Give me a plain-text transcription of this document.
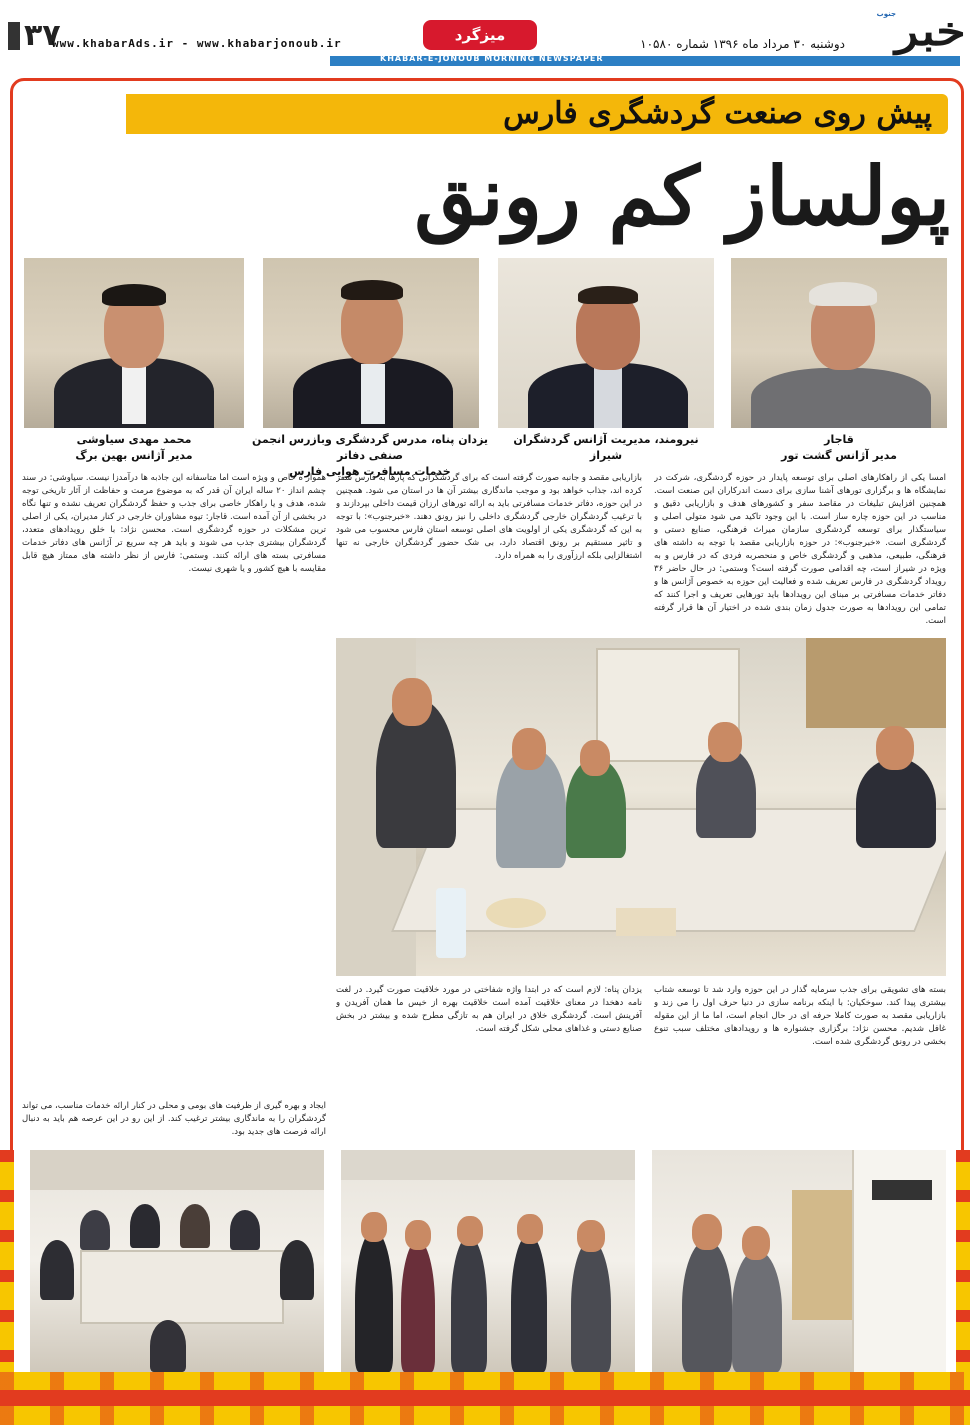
۳۷
www.khabarAds.ir - www.khabarjonoub.ir	میزگرد	دوشنبه ۳۰ مرداد ماه ۱۳۹۶ شماره ۱۰۵۸۰ خبر
جنوب
KHABAR-E-JONOUB MORNING NEWSPAPER
پیش روی صنعت گردشگری فارس
پولساز کم رونق
قاجار
مدیر آژانس گشت تور
نیرومند، مدیریت آژانس گردشگران
شیراز
یزدان پناه، مدرس گردشگری وبازرس انجمن صنفی دفاتر
خدمات مسافرت هوایی فارس
محمد مهدی سیاوشی
مدیر آژانس بهین برگ
امسا یکی از راهکارهای اصلی برای توسعه پایدار در حوزه گردشگری، شرکت در نمایشگاه ها و برگزاری تورهای آشنا سازی برای دست اندرکاران این صنعت است. همچنین افزایش تبلیغات در مقاصد سفر و کشورهای هدف و بازاریابی دقیق و مناسب در این حوزه چاره ساز است. با این وجود تاکید می شود متولی اصلی و سیاستگذار برای توسعه گردشگری سازمان میراث فرهنگی، صنایع دستی و گردشگری است. «خبرجنوب»: در حوزه بازاریابی مقصد با توجه به داشته های فرهنگی، طبیعی، مذهبی و گردشگری خاص و منحصربه فردی که در فارس و به ویژه در شیراز است، چه اقدامی صورت گرفته است؟ وستمی: در حال حاضر ۳۶ رویداد گردشگری در فارس تعریف شده و فعالیت این حوزه به خصوص آژانس ها و دفاتر خدمات مسافرتی بر مبنای این رویدادها باید تورهایی تعریف و اجرا کنند که تمامی این رویدادها به صورت جدول زمان بندی شده در اختیار آن ها قرار گرفته است.
بازاریابی مقصد و جانبه صورت گرفته است که برای گردشگرانی که پارها به فارس سفر کرده اند، جذاب خواهد بود و موجب ماندگاری بیشتر آن ها در استان می شود. همچنین در این حوزه، دفاتر خدمات مسافرتی باید به ارائه تورهای ارزان قیمت داخلی بپردازند و با ترغیب گردشگران خارجی گردشگری داخلی را نیز رونق دهند. «خبرجنوب»: با توجه به این که گردشگری یکی از اولویت های اصلی توسعه استان فارس محسوب می شود و تاثیر مستقیم بر رونق اقتصاد دارد، بی شک حضور گردشگران خارجی نه تنها اشتغالزایی بلکه ارزآوری را به همراه دارد.
هموار ه خاص و ویژه است اما متاسفانه این جاذبه ها درآمدزا نیست. سیاوشی: در سند چشم انداز ۲۰ ساله ایران آن قدر که به موضوع مرمت و حفاظت از آثار تاریخی توجه شده، هدف و یا راهکار خاصی برای جذب و حفظ گردشگران تعریف نشده و تنها نگاه در بخشی از آن آمده است. قاجار: تیوه مشاوران خارجی در کنار مدیران، یکی از اصلی ترین مشکلات در حوزه گردشگری است. محسن نژاد: با خلق رویدادهای متعدد، گردشگران بیشتری جذب می شوند و باید هر چه سریع تر آژانس های دفاتر خدمات مسافرتی بسته های ارائه کنند. وستمی: فارس از نظر داشته های ممتاز هیچ قابل مقایسه با هیچ کشور و یا شهری نیست.
بسته های تشویقی برای جذب سرمایه گذار در این حوزه وارد شد تا توسعه شتاب بیشتری پیدا کند. سوخکیان: با اینکه برنامه سازی در دنیا حرف اول را می زند و بازاریابی مقصد به صورت کاملا حرفه ای در حال انجام است، اما ما از این مقوله غافل شدیم. محسن نژاد: برگزاری جشنواره ها و رویدادهای مختلف سبب تنوع بخشی در رونق گردشگری شده است.
یزدان پناه: لازم است که در ابتدا واژه شفاختی در مورد خلاقیت صورت گیرد. در لغت نامه دهخدا در معنای خلاقیت آمده است خلاقیت بهره از خیس ما همان آفریدن و آفرینش است. گردشگری خلاق در ایران هم به تازگی مطرح شده و بیشتر در بخش صنایع دستی و غذاهای محلی شکل گرفته است.
ایجاد و بهره گیری از ظرفیت های بومی و محلی در کنار ارائه خدمات مناسب، می تواند گردشگران را به ماندگاری بیشتر ترغیب کند. از این رو در این عرصه هم باید به دنبال ارائه فرصت های جدید بود.
